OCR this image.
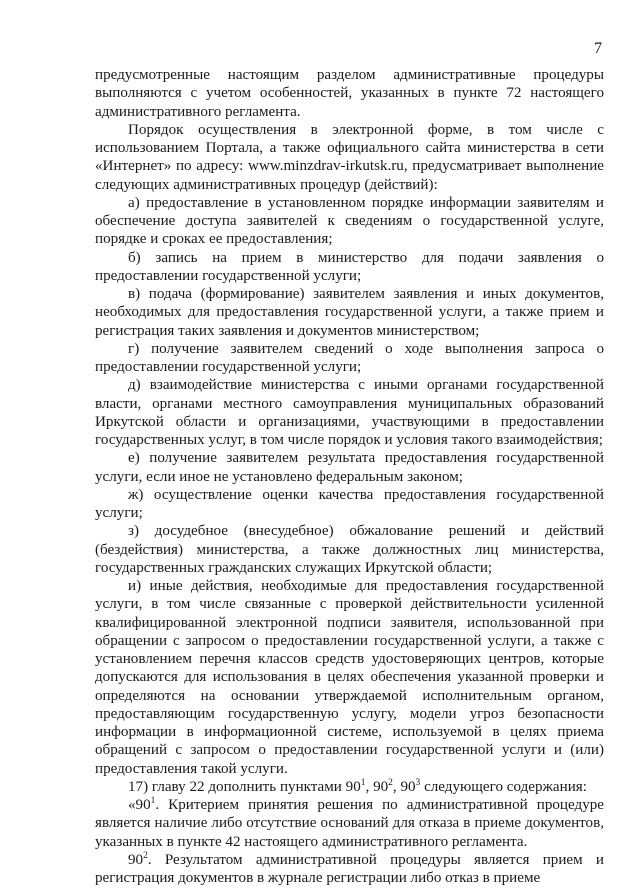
7

предусмотренные настоящим разделом административные процедуры выполняются с учетом особенностей, указанных в пункте 72 настоящего административного регламента.

Порядок осуществления в электронной форме, в том числе с использованием Портала, а также официального сайта министерства в сети «Интернет» по адресу: www.minzdrav-irkutsk.ru, предусматривает выполнение следующих административных процедур (действий):

а) предоставление в установленном порядке информации заявителям и обеспечение доступа заявителей к сведениям о государственной услуге, порядке и сроках ее предоставления;

б) запись на прием в министерство для подачи заявления о предоставлении государственной услуги;

в) подача (формирование) заявителем заявления и иных документов, необходимых для предоставления государственной услуги, а также прием и регистрация таких заявления и документов министерством;

г) получение заявителем сведений о ходе выполнения запроса о предоставлении государственной услуги;

д) взаимодействие министерства с иными органами государственной власти, органами местного самоуправления муниципальных образований Иркутской области и организациями, участвующими в предоставлении государственных услуг, в том числе порядок и условия такого взаимодействия;

е) получение заявителем результата предоставления государственной услуги, если иное не установлено федеральным законом;

ж) осуществление оценки качества предоставления государственной услуги;

з) досудебное (внесудебное) обжалование решений и действий (бездействия) министерства, а также должностных лиц министерства, государственных гражданских служащих Иркутской области;

и) иные действия, необходимые для предоставления государственной услуги, в том числе связанные с проверкой действительности усиленной квалифицированной электронной подписи заявителя, использованной при обращении с запросом о предоставлении государственной услуги, а также с установлением перечня классов средств удостоверяющих центров, которые допускаются для использования в целях обеспечения указанной проверки и определяются на основании утверждаемой исполнительным органом, предоставляющим государственную услугу, модели угроз безопасности информации в информационной системе, используемой в целях приема обращений с запросом о предоставлении государственной услуги и (или) предоставления такой услуги.

17) главу 22 дополнить пунктами $90^1$, $90^2$, $90^3$ следующего содержания:

«$90^1$. Критерием принятия решения по административной процедуре является наличие либо отсутствие оснований для отказа в приеме документов, указанных в пункте 42 настоящего административного регламента.

$90^2$. Результатом административной процедуры является прием и регистрация документов в журнале регистрации либо отказ в приеме
